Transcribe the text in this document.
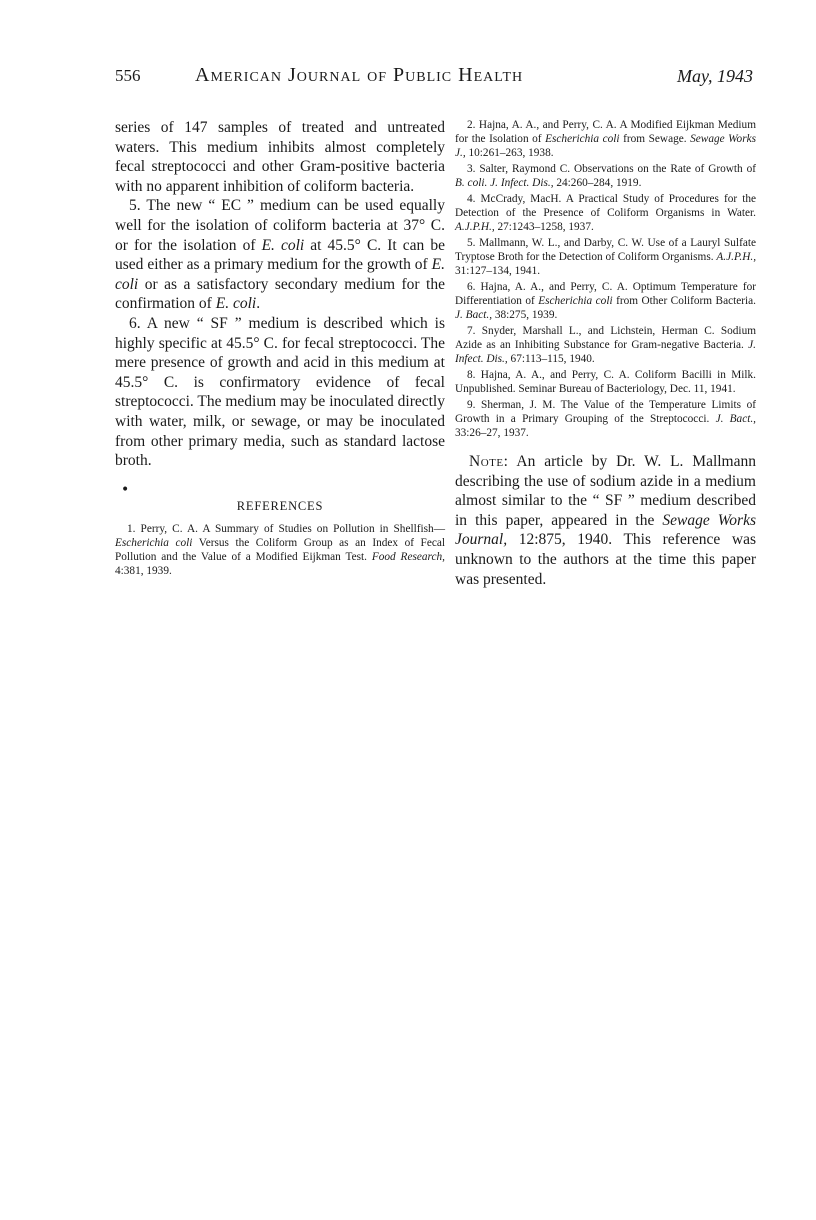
556	American Journal of Public Health	May, 1943

series of 147 samples of treated and untreated waters. This medium inhibits almost completely fecal streptococci and other Gram-positive bacteria with no apparent inhibition of coliform bacteria.

5. The new “ EC ” medium can be used equally well for the isolation of coliform bacteria at 37° C. or for the isolation of E. coli at 45.5° C. It can be used either as a primary medium for the growth of E. coli or as a satisfactory secondary medium for the confirmation of E. coli.

6. A new “ SF ” medium is described which is highly specific at 45.5° C. for fecal streptococci. The mere presence of growth and acid in this medium at 45.5° C. is confirmatory evidence of fecal streptococci. The medium may be inoculated directly with water, milk, or sewage, or may be inoculated from other primary media, such as standard lactose broth.

•
REFERENCES

1. Perry, C. A. A Summary of Studies on Pollution in Shellfish—Escherichia coli Versus the Coliform Group as an Index of Fecal Pollution and the Value of a Modified Eijkman Test. Food Research, 4:381, 1939.

2. Hajna, A. A., and Perry, C. A. A Modified Eijkman Medium for the Isolation of Escherichia coli from Sewage. Sewage Works J., 10:261–263, 1938.

3. Salter, Raymond C. Observations on the Rate of Growth of B. coli. J. Infect. Dis., 24:260–284, 1919.

4. McCrady, MacH. A Practical Study of Procedures for the Detection of the Presence of Coliform Organisms in Water. A.J.P.H., 27:1243–1258, 1937.

5. Mallmann, W. L., and Darby, C. W. Use of a Lauryl Sulfate Tryptose Broth for the Detection of Coliform Organisms. A.J.P.H., 31:127–134, 1941.

6. Hajna, A. A., and Perry, C. A. Optimum Temperature for Differentiation of Escherichia coli from Other Coliform Bacteria. J. Bact., 38:275, 1939.

7. Snyder, Marshall L., and Lichstein, Herman C. Sodium Azide as an Inhibiting Substance for Gram-negative Bacteria. J. Infect. Dis., 67:113–115, 1940.

8. Hajna, A. A., and Perry, C. A. Coliform Bacilli in Milk. Unpublished. Seminar Bureau of Bacteriology, Dec. 11, 1941.

9. Sherman, J. M. The Value of the Temperature Limits of Growth in a Primary Grouping of the Streptococci. J. Bact., 33:26–27, 1937.

Note: An article by Dr. W. L. Mallmann describing the use of sodium azide in a medium almost similar to the “ SF ” medium described in this paper, appeared in the Sewage Works Journal, 12:875, 1940. This reference was unknown to the authors at the time this paper was presented.
